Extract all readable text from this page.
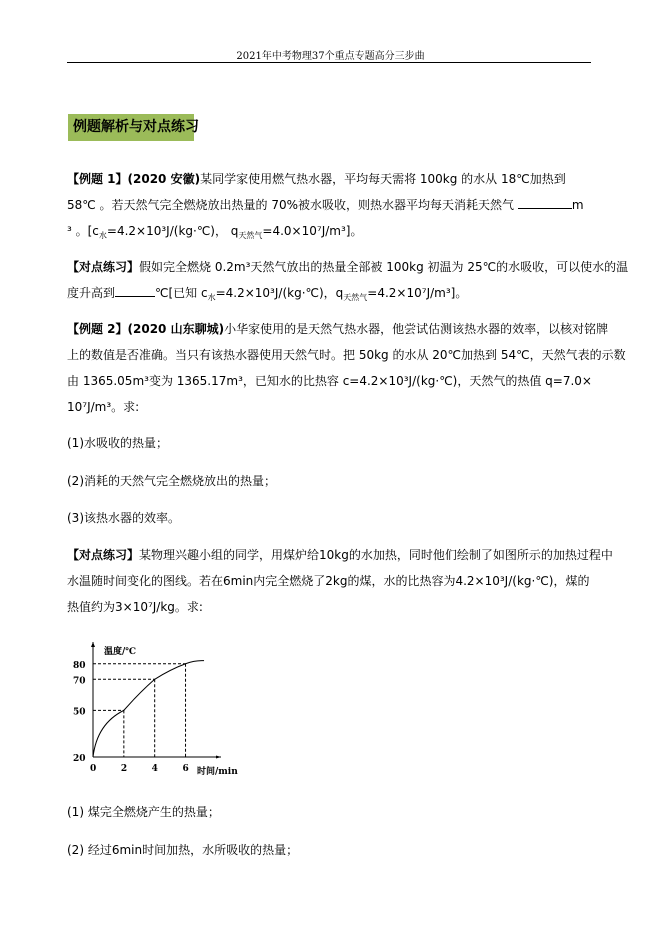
2021年中考物理37个重点专题高分三步曲
例题解析与对点练习
【例题 1】(2020 安徽)某同学家使用燃气热水器，平均每天需将 100kg 的水从 18℃加热到
58℃ 。若天然气完全燃烧放出热量的 70%被水吸收，则热水器平均每天消耗天然气	m
³ 。[$c_水=4.2\times 10^3J/(kg\cdot℃)$， $q_{天然气}=4.0\times 10^7J/m^3$]。
【对点练习】假如完全燃烧 0.2m³天然气放出的热量全部被 100kg 初温为 25℃的水吸收，可以使水的温
度升高到	℃[已知 $c_水=4.2\times 10^3J/(kg\cdot℃)$，$q_{天然气}=4.2\times 10^7J/m^3$]。
【例题 2】(2020 山东聊城)小华家使用的是天然气热水器，他尝试估测该热水器的效率，以核对铭牌
上的数值是否准确。当只有该热水器使用天然气时。把 50kg 的水从 20℃加热到 54℃，天然气表的示数
由 1365.05m³变为 1365.17m³，已知水的比热容 c=4.2×10³J/(kg·℃)，天然气的热值 q=7.0×
10⁷J/m³。求:
(1)水吸收的热量；
(2)消耗的天然气完全燃烧放出的热量；
(3)该热水器的效率。
【对点练习】某物理兴趣小组的同学，用煤炉给10kg的水加热，同时他们绘制了如图所示的加热过程中
水温随时间变化的图线。若在6min内完全燃烧了2kg的煤，水的比热容为4.2×10³J/(kg·℃)，煤的
热值约为3×10⁷J/kg。求:
0	2	4	6
20
50
70
80
温度/℃
时间/min
(1) 煤完全燃烧产生的热量；
(2) 经过6min时间加热，水所吸收的热量；
